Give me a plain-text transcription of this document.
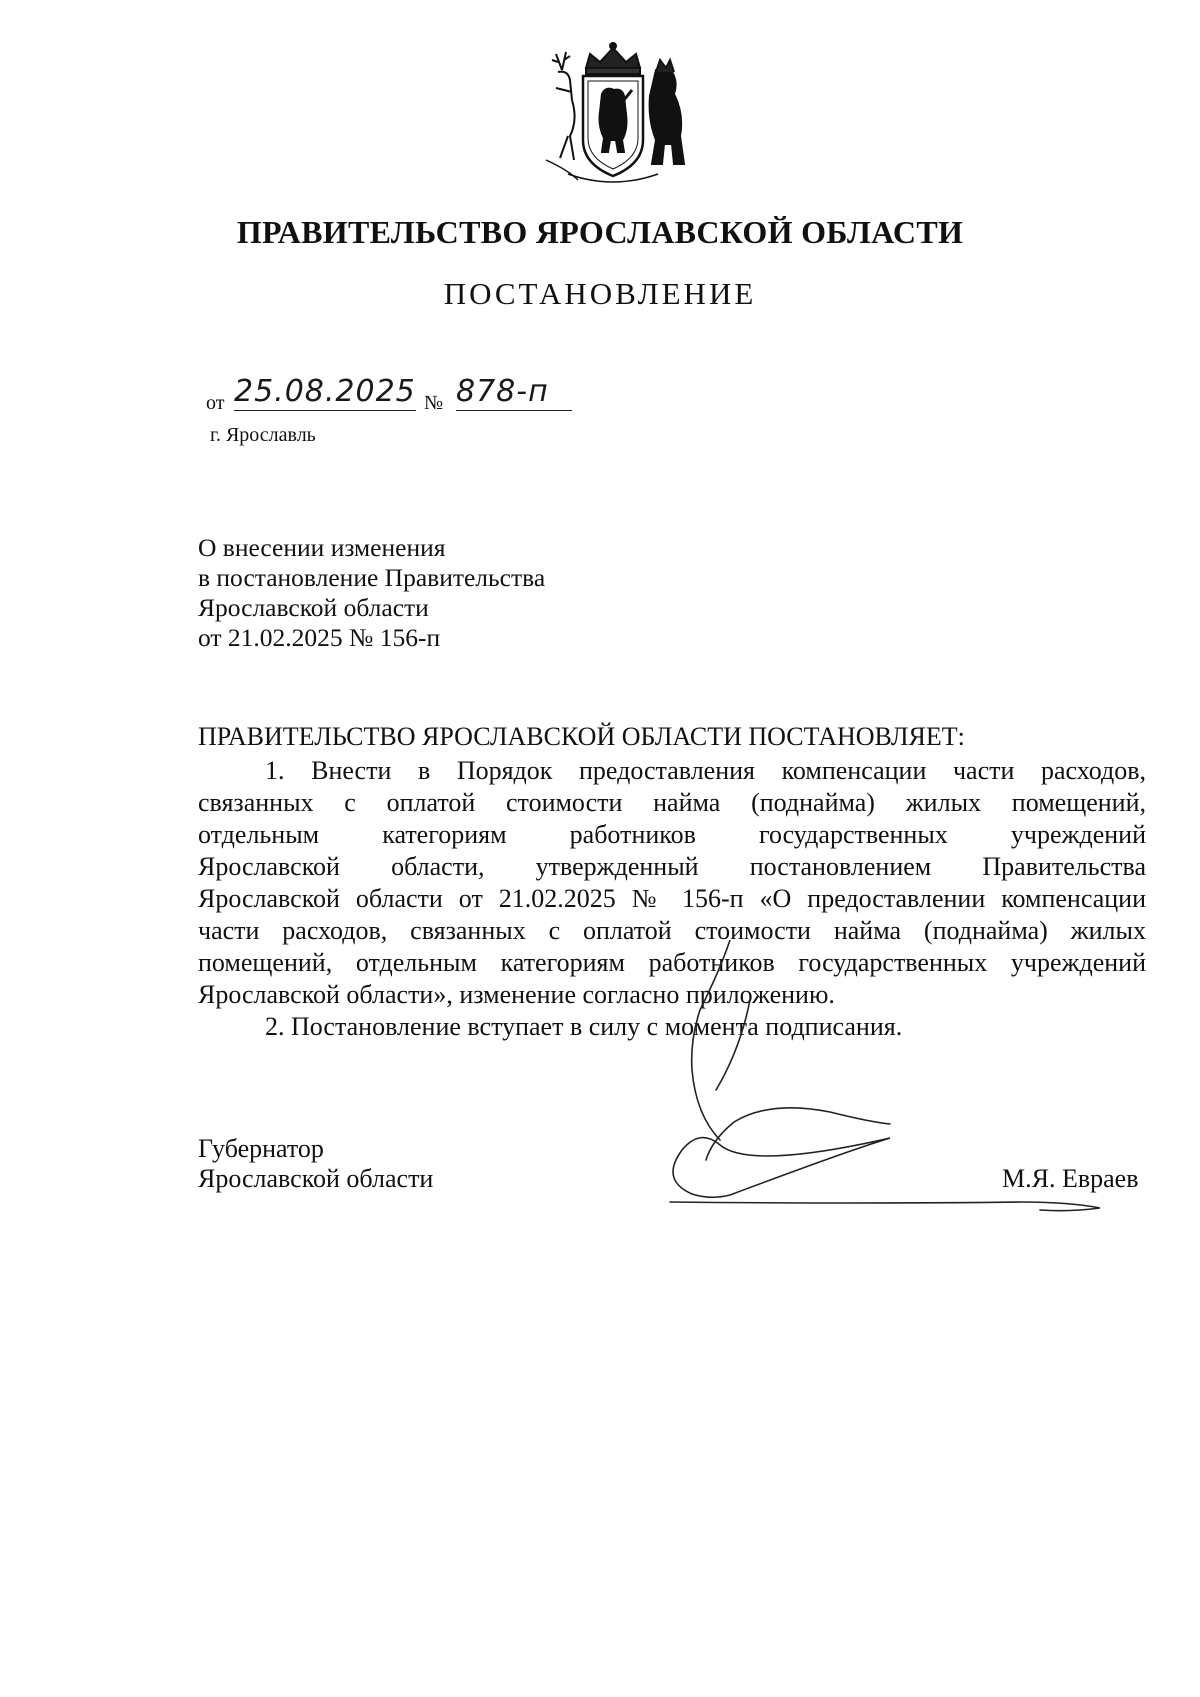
ПРАВИТЕЛЬСТВО ЯРОСЛАВСКОЙ ОБЛАСТИ
ПОСТАНОВЛЕНИЕ
от 25.08.2025 № 878-п
г. Ярославль
О внесении изменения
в постановление Правительства
Ярославской области
от 21.02.2025 № 156-п
ПРАВИТЕЛЬСТВО ЯРОСЛАВСКОЙ ОБЛАСТИ ПОСТАНОВЛЯЕТ:
1. Внести в Порядок предоставления компенсации части расходов,
связанных с оплатой стоимости найма (поднайма) жилых помещений,
отдельным категориям работников государственных учреждений
Ярославской области, утвержденный постановлением Правительства
Ярославской области от 21.02.2025 № 156-п «О предоставлении компенсации
части расходов, связанных с оплатой стоимости найма (поднайма) жилых
помещений, отдельным категориям работников государственных учреждений
Ярославской области», изменение согласно приложению.
2. Постановление вступает в силу с момента подписания.
Губернатор
Ярославской области	М.Я. Евраев
